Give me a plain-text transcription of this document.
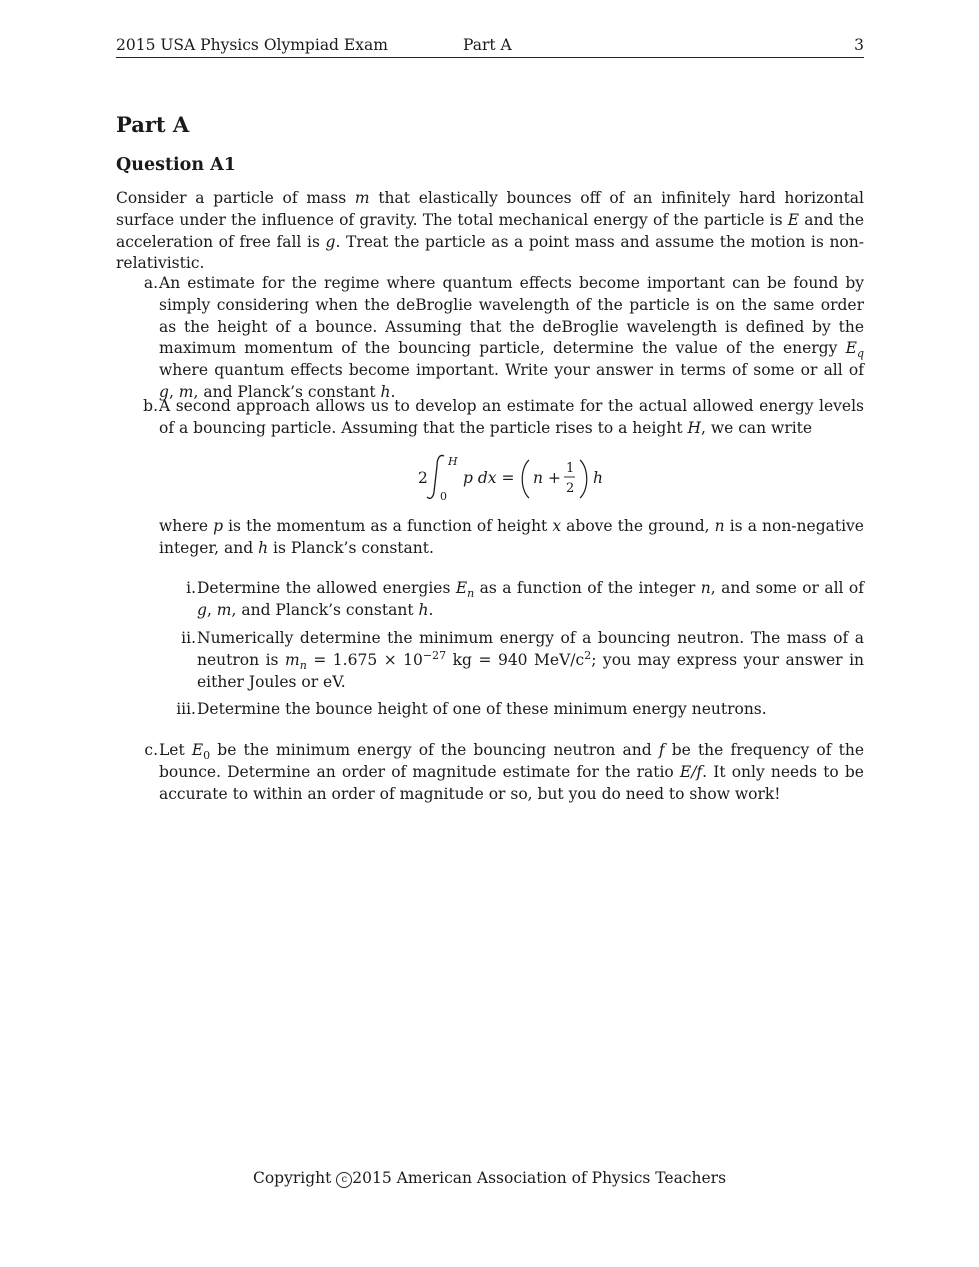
2015 USA Physics Olympiad Exam	Part A	3
Part A
Question A1

Consider a particle of mass m that elastically bounces off of an infinitely hard horizontal surface under the influence of gravity. The total mechanical energy of the particle is E and the acceleration of free fall is g. Treat the particle as a point mass and assume the motion is non-relativistic.

a. An estimate for the regime where quantum effects become important can be found by simply considering when the deBroglie wavelength of the particle is on the same order as the height of a bounce. Assuming that the deBroglie wavelength is defined by the maximum momentum of the bouncing particle, determine the value of the energy $E_q$ where quantum effects become important. Write your answer in terms of some or all of g, m, and Planck’s constant h.
b. A second approach allows us to develop an estimate for the actual allowed energy levels of a bouncing particle. Assuming that the particle rises to a height H, we can write
2
H
0
p dx = n +
1
2
h
where p is the momentum as a function of height x above the ground, n is a non-negative integer, and h is Planck’s constant.
i. Determine the allowed energies $E_n$ as a function of the integer n, and some or all of g, m, and Planck’s constant h.
ii. Numerically determine the minimum energy of a bouncing neutron. The mass of a neutron is $m_n = 1.675 \times 10^{-27}$ kg = 940 MeV/$c^2$; you may express your answer in either Joules or eV.
iii. Determine the bounce height of one of these minimum energy neutrons.
c. Let $E_0$ be the minimum energy of the bouncing neutron and f be the frequency of the bounce. Determine an order of magnitude estimate for the ratio E/f. It only needs to be accurate to within an order of magnitude or so, but you do need to show work!
Copyright c 2015 American Association of Physics Teachers
